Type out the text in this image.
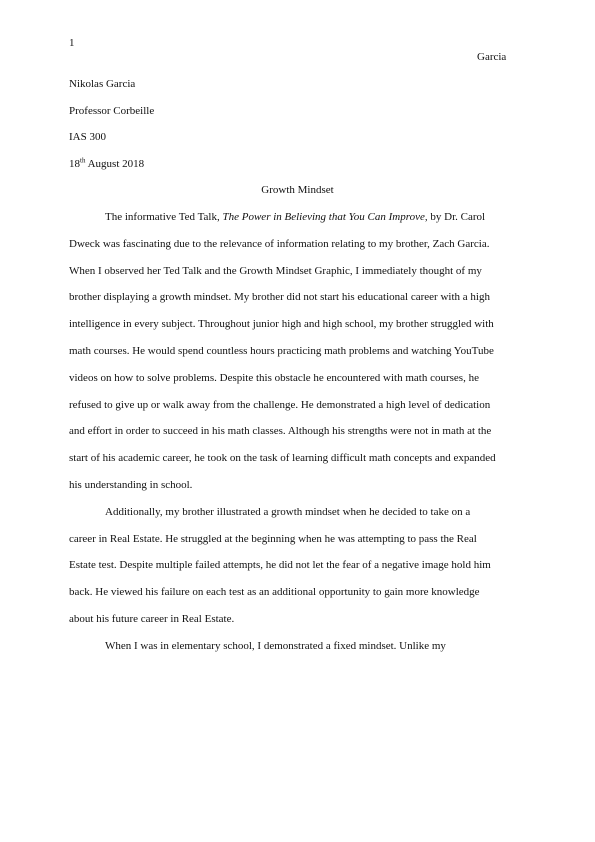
1
Garcia
Nikolas Garcia
Professor Corbeille
IAS 300
18th August 2018
Growth Mindset
The informative Ted Talk, The Power in Believing that You Can Improve, by Dr. Carol
Dweck was fascinating due to the relevance of information relating to my brother, Zach Garcia.
When I observed her Ted Talk and the Growth Mindset Graphic, I immediately thought of my
brother displaying a growth mindset. My brother did not start his educational career with a high
intelligence in every subject. Throughout junior high and high school, my brother struggled with
math courses. He would spend countless hours practicing math problems and watching YouTube
videos on how to solve problems. Despite this obstacle he encountered with math courses, he
refused to give up or walk away from the challenge. He demonstrated a high level of dedication
and effort in order to succeed in his math classes. Although his strengths were not in math at the
start of his academic career, he took on the task of learning difficult math concepts and expanded
his understanding in school.
Additionally, my brother illustrated a growth mindset when he decided to take on a
career in Real Estate. He struggled at the beginning when he was attempting to pass the Real
Estate test. Despite multiple failed attempts, he did not let the fear of a negative image hold him
back. He viewed his failure on each test as an additional opportunity to gain more knowledge
about his future career in Real Estate.
When I was in elementary school, I demonstrated a fixed mindset. Unlike my
